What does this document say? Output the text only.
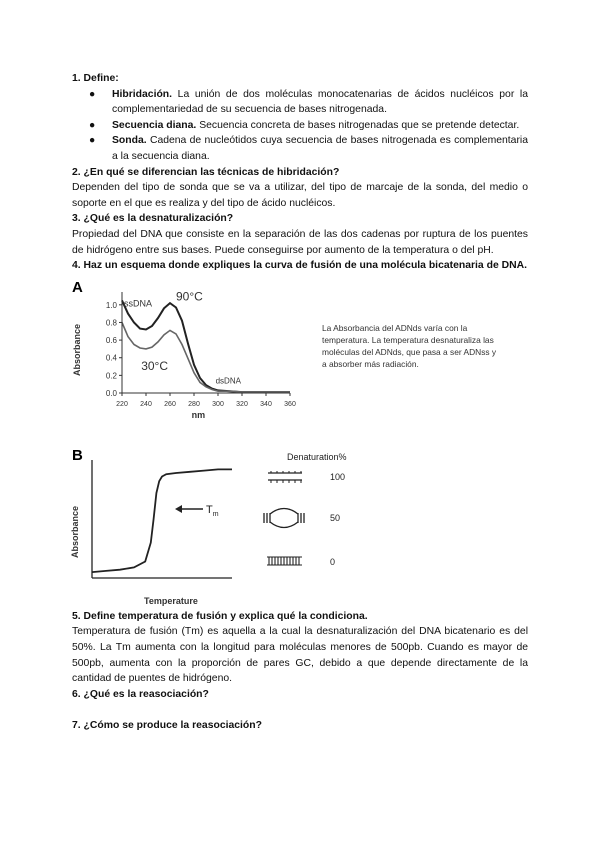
1. Define:
● Hibridación. La unión de dos moléculas monocatenarias de ácidos nucléicos por la complementariedad de su secuencia de bases nitrogenada.
● Secuencia diana. Secuencia concreta de bases nitrogenadas que se pretende detectar.
● Sonda. Cadena de nucleótidos cuya secuencia de bases nitrogenada es complementaria a la secuencia diana.
2. ¿En qué se diferencian las técnicas de hibridación?
Dependen del tipo de sonda que se va a utilizar, del tipo de marcaje de la sonda, del medio o soporte en el que es realiza y del tipo de ácido nucléicos.
3. ¿Qué es la desnaturalización?
Propiedad del DNA que consiste en la separación de las dos cadenas por ruptura de los puentes de hidrógeno entre sus bases. Puede conseguirse por aumento de la temperatura o del pH.
4. Haz un esquema donde expliques la curva de fusión de una molécula bicatenaria de DNA.
A
0.0
0.2
0.4
0.6
0.8
1.0
220 240 260 280 300 320 340 360
Absorbance
nm
90°C
30°C
ssDNA
dsDNA
La Absorbancia del ADNds varía con la temperatura. La temperatura desnaturaliza las moléculas del ADNds, que pasa a ser ADNss y a absorber más radiación.
B
Absorbance
Temperature
$T_m$
Denaturation%
100
50
0
5. Define temperatura de fusión y explica qué la condiciona.
Temperatura de fusión (Tm) es aquella a la cual la desnaturalización del DNA bicatenario es del 50%. La Tm aumenta con la longitud para moléculas menores de 500pb. Cuando es mayor de 500pb, aumenta con la proporción de pares GC, debido a que depende directamente de la cantidad de puentes de hidrógeno.
6. ¿Qué es la reasociación?
7. ¿Cómo se produce la reasociación?
